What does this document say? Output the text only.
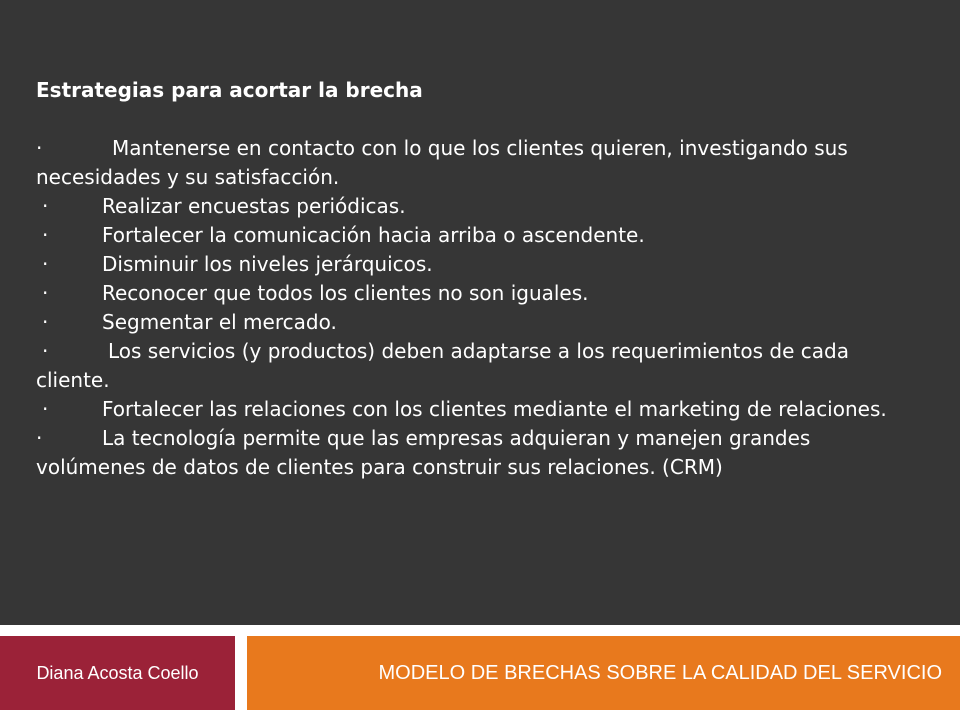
Estrategias para acortar la brecha

·	Mantenerse en contacto con lo que los clientes quieren, investigando sus necesidades y su satisfacción.

·	Realizar encuestas periódicas.

·	Fortalecer la comunicación hacia arriba o ascendente.

·	Disminuir los niveles jerárquicos.

·	Reconocer que todos los clientes no son iguales.

·	Segmentar el mercado.

·	Los servicios (y productos) deben adaptarse a los requerimientos de cada cliente.

·	Fortalecer las relaciones con los clientes mediante el marketing de relaciones.

·	La tecnología permite que las empresas adquieran y manejen grandes volúmenes de datos de clientes para construir sus relaciones. (CRM)

Diana Acosta Coello	MODELO DE BRECHAS SOBRE LA CALIDAD DEL SERVICIO
